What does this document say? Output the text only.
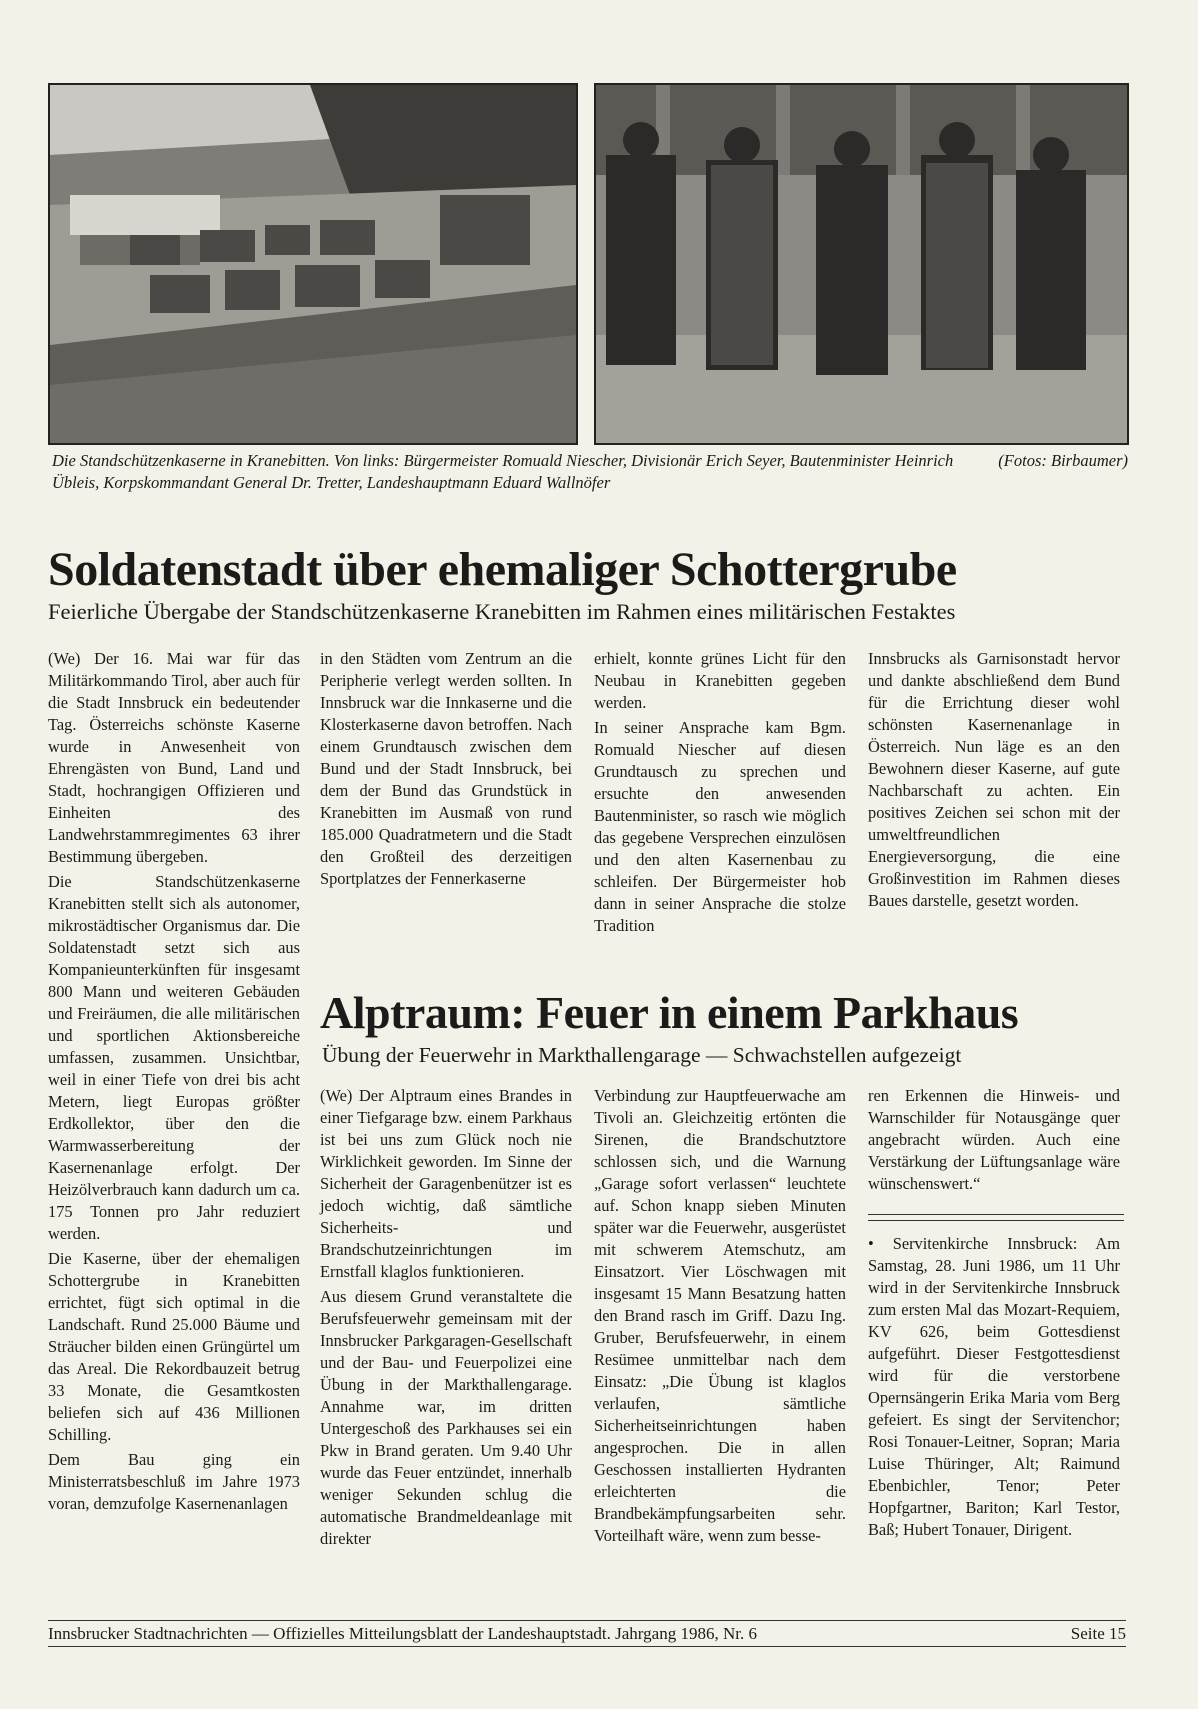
(Fotos: Birbaumer)
Die Standschützenkaserne in Kranebitten. Von links: Bürgermeister Romuald Niescher, Divisionär Erich Seyer, Bautenminister Heinrich Übleis, Korpskommandant General Dr. Tretter, Landeshauptmann Eduard Wallnöfer
Soldatenstadt über ehemaliger Schottergrube
Feierliche Übergabe der Standschützenkaserne Kranebitten im Rahmen eines militärischen Festaktes

(We) Der 16. Mai war für das Militärkommando Tirol, aber auch für die Stadt Innsbruck ein bedeutender Tag. Österreichs schönste Kaserne wurde in Anwesenheit von Ehrengästen von Bund, Land und Stadt, hochrangigen Offizieren und Einheiten des Landwehrstammregimentes 63 ihrer Bestimmung übergeben.

Die Standschützenkaserne Kranebitten stellt sich als autonomer, mikrostädtischer Organismus dar. Die Soldatenstadt setzt sich aus Kompanieunterkünften für insgesamt 800 Mann und weiteren Gebäuden und Freiräumen, die alle militärischen und sportlichen Aktionsbereiche umfassen, zusammen. Unsichtbar, weil in einer Tiefe von drei bis acht Metern, liegt Europas größter Erdkollektor, über den die Warmwasserbereitung der Kasernenanlage erfolgt. Der Heizölverbrauch kann dadurch um ca. 175 Tonnen pro Jahr reduziert werden.

Die Kaserne, über der ehemaligen Schottergrube in Kranebitten errichtet, fügt sich optimal in die Landschaft. Rund 25.000 Bäume und Sträucher bilden einen Grüngürtel um das Areal. Die Rekordbauzeit betrug 33 Monate, die Gesamtkosten beliefen sich auf 436 Millionen Schilling.

Dem Bau ging ein Ministerratsbeschluß im Jahre 1973 voran, demzufolge Kasernenanlagen

in den Städten vom Zentrum an die Peripherie verlegt werden sollten. In Innsbruck war die Innkaserne und die Klosterkaserne davon betroffen. Nach einem Grundtausch zwischen dem Bund und der Stadt Innsbruck, bei dem der Bund das Grundstück in Kranebitten im Ausmaß von rund 185.000 Quadratmetern und die Stadt den Großteil des derzeitigen Sportplatzes der Fennerkaserne

erhielt, konnte grünes Licht für den Neubau in Kranebitten gegeben werden.

In seiner Ansprache kam Bgm. Romuald Niescher auf diesen Grundtausch zu sprechen und ersuchte den anwesenden Bautenminister, so rasch wie möglich das gegebene Versprechen einzulösen und den alten Kasernenbau zu schleifen. Der Bürgermeister hob dann in seiner Ansprache die stolze Tradition

Innsbrucks als Garnisonstadt hervor und dankte abschließend dem Bund für die Errichtung dieser wohl schönsten Kasernenanlage in Österreich. Nun läge es an den Bewohnern dieser Kaserne, auf gute Nachbarschaft zu achten. Ein positives Zeichen sei schon mit der umweltfreundlichen Energieversorgung, die eine Großinvestition im Rahmen dieses Baues darstelle, gesetzt worden.

Alptraum: Feuer in einem Parkhaus
Übung der Feuerwehr in Markthallengarage — Schwachstellen aufgezeigt

(We) Der Alptraum eines Brandes in einer Tiefgarage bzw. einem Parkhaus ist bei uns zum Glück noch nie Wirklichkeit geworden. Im Sinne der Sicherheit der Garagenbenützer ist es jedoch wichtig, daß sämtliche Sicherheits- und Brandschutzeinrichtungen im Ernstfall klaglos funktionieren.

Aus diesem Grund veranstaltete die Berufsfeuerwehr gemeinsam mit der Innsbrucker Parkgaragen-Gesellschaft und der Bau- und Feuerpolizei eine Übung in der Markthallengarage. Annahme war, im dritten Untergeschoß des Parkhauses sei ein Pkw in Brand geraten. Um 9.40 Uhr wurde das Feuer entzündet, innerhalb weniger Sekunden schlug die automatische Brandmeldeanlage mit direkter

Verbindung zur Hauptfeuerwache am Tivoli an. Gleichzeitig ertönten die Sirenen, die Brandschutztore schlossen sich, und die Warnung „Garage sofort verlassen“ leuchtete auf. Schon knapp sieben Minuten später war die Feuerwehr, ausgerüstet mit schwerem Atemschutz, am Einsatzort. Vier Löschwagen mit insgesamt 15 Mann Besatzung hatten den Brand rasch im Griff. Dazu Ing. Gruber, Berufsfeuerwehr, in einem Resümee unmittelbar nach dem Einsatz: „Die Übung ist klaglos verlaufen, sämtliche Sicherheitseinrichtungen haben angesprochen. Die in allen Geschossen installierten Hydranten erleichterten die Brandbekämpfungsarbeiten sehr. Vorteilhaft wäre, wenn zum besse-

ren Erkennen die Hinweis- und Warnschilder für Notausgänge quer angebracht würden. Auch eine Verstärkung der Lüftungsanlage wäre wünschenswert.“

• Servitenkirche Innsbruck: Am Samstag, 28. Juni 1986, um 11 Uhr wird in der Servitenkirche Innsbruck zum ersten Mal das Mozart-Requiem, KV 626, beim Gottesdienst aufgeführt. Dieser Festgottesdienst wird für die verstorbene Opernsängerin Erika Maria vom Berg gefeiert. Es singt der Servitenchor; Rosi Tonauer-Leitner, Sopran; Maria Luise Thüringer, Alt; Raimund Ebenbichler, Tenor; Peter Hopfgartner, Bariton; Karl Testor, Baß; Hubert Tonauer, Dirigent.

Seite 15
Innsbrucker Stadtnachrichten — Offizielles Mitteilungsblatt der Landeshauptstadt. Jahrgang 1986, Nr. 6
